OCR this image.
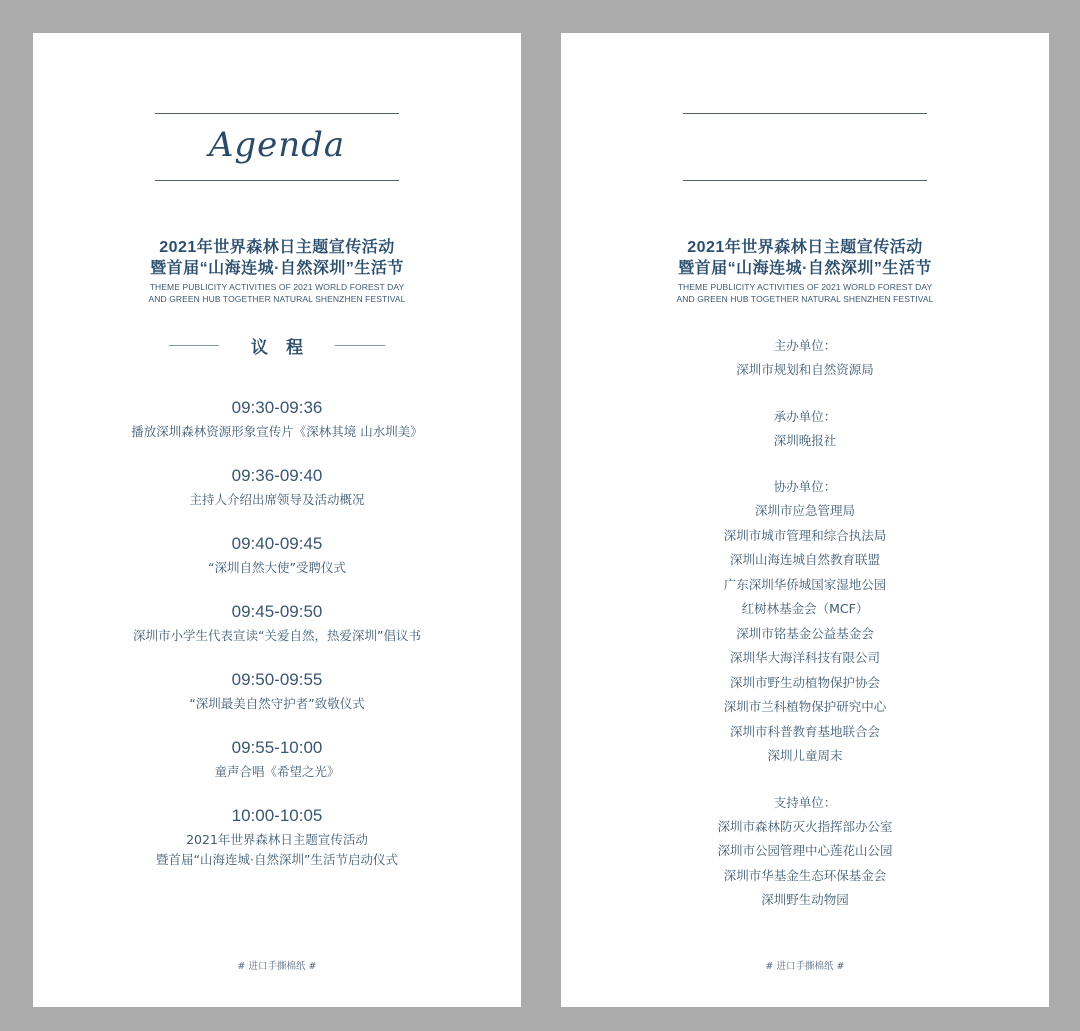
Agenda
2021年世界森林日主题宣传活动
暨首届“山海连城·自然深圳”生活节
THEME PUBLICITY ACTIVITIES OF 2021 WORLD FOREST DAY
AND GREEN HUB TOGETHER NATURAL SHENZHEN FESTIVAL
议程
09:30-09:36
播放深圳森林资源形象宣传片《深林其境 山水圳美》
09:36-09:40
主持人介绍出席领导及活动概况
09:40-09:45
“深圳自然大使”受聘仪式
09:45-09:50
深圳市小学生代表宣读“关爱自然，热爱深圳”倡议书
09:50-09:55
“深圳最美自然守护者”致敬仪式
09:55-10:00
童声合唱《希望之光》
10:00-10:05
2021年世界森林日主题宣传活动
暨首届“山海连城·自然深圳”生活节启动仪式
# 进口手撕棉纸 #
2021年世界森林日主题宣传活动
暨首届“山海连城·自然深圳”生活节
THEME PUBLICITY ACTIVITIES OF 2021 WORLD FOREST DAY
AND GREEN HUB TOGETHER NATURAL SHENZHEN FESTIVAL
主办单位：
深圳市规划和自然资源局
承办单位：
深圳晚报社
协办单位：
深圳市应急管理局
深圳市城市管理和综合执法局
深圳山海连城自然教育联盟
广东深圳华侨城国家湿地公园
红树林基金会（MCF）
深圳市铭基金公益基金会
深圳华大海洋科技有限公司
深圳市野生动植物保护协会
深圳市兰科植物保护研究中心
深圳市科普教育基地联合会
深圳儿童周末
支持单位：
深圳市森林防灭火指挥部办公室
深圳市公园管理中心莲花山公园
深圳市华基金生态环保基金会
深圳野生动物园
# 进口手撕棉纸 #
